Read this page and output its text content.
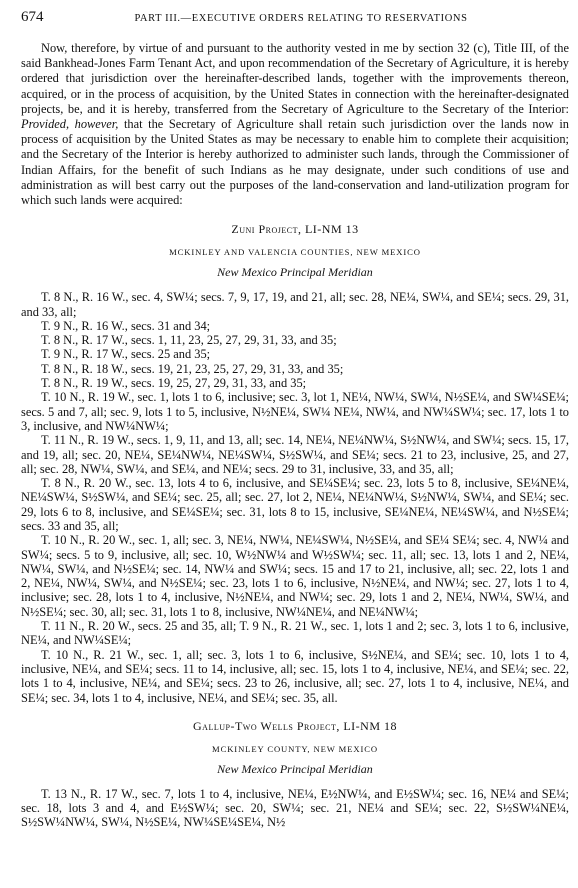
674	PART III.—EXECUTIVE ORDERS RELATING TO RESERVATIONS

Now, therefore, by virtue of and pursuant to the authority vested in me by section 32 (c), Title III, of the said Bankhead-Jones Farm Tenant Act, and upon recommendation of the Secretary of Agriculture, it is hereby ordered that jurisdiction over the hereinafter-described lands, together with the improvements thereon, acquired, or in the process of acquisition, by the United States in connection with the hereinafter-designated projects, be, and it is hereby, transferred from the Secretary of Agriculture to the Secretary of the Interior: Provided, however, that the Secretary of Agriculture shall retain such jurisdiction over the lands now in process of acquisition by the United States as may be necessary to enable him to complete their acquisition; and the Secretary of the Interior is hereby authorized to administer such lands, through the Commissioner of Indian Affairs, for the benefit of such Indians as he may designate, under such conditions of use and administration as will best carry out the purposes of the land-conservation and land-utilization program for which such lands were acquired:

Zuni Project, LI-NM 13

MCKINLEY AND VALENCIA COUNTIES, NEW MEXICO

New Mexico Principal Meridian

T. 8 N., R. 16 W., sec. 4, SW¼; secs. 7, 9, 17, 19, and 21, all; sec. 28, NE¼, SW¼, and SE¼; secs. 29, 31, and 33, all;

T. 9 N., R. 16 W., secs. 31 and 34;

T. 8 N., R. 17 W., secs. 1, 11, 23, 25, 27, 29, 31, 33, and 35;

T. 9 N., R. 17 W., secs. 25 and 35;

T. 8 N., R. 18 W., secs. 19, 21, 23, 25, 27, 29, 31, 33, and 35;

T. 8 N., R. 19 W., secs. 19, 25, 27, 29, 31, 33, and 35;

T. 10 N., R. 19 W., sec. 1, lots 1 to 6, inclusive; sec. 3, lot 1, NE¼, NW¼, SW¼, N½SE¼, and SW¼SE¼; secs. 5 and 7, all; sec. 9, lots 1 to 5, inclusive, N½NE¼, SW¼ NE¼, NW¼, and NW¼SW¼; sec. 17, lots 1 to 3, inclusive, and NW¼NW¼;

T. 11 N., R. 19 W., secs. 1, 9, 11, and 13, all; sec. 14, NE¼, NE¼NW¼, S½NW¼, and SW¼; secs. 15, 17, and 19, all; sec. 20, NE¼, SE¼NW¼, NE¼SW¼, S½SW¼, and SE¼; secs. 21 to 23, inclusive, 25, and 27, all; sec. 28, NW¼, SW¼, and SE¼, and NE¼; secs. 29 to 31, inclusive, 33, and 35, all;

T. 8 N., R. 20 W., sec. 13, lots 4 to 6, inclusive, and SE¼SE¼; sec. 23, lots 5 to 8, inclusive, SE¼NE¼, NE¼SW¼, S½SW¼, and SE¼; sec. 25, all; sec. 27, lot 2, NE¼, NE¼NW¼, S½NW¼, SW¼, and SE¼; sec. 29, lots 6 to 8, inclusive, and SE¼SE¼; sec. 31, lots 8 to 15, inclusive, SE¼NE¼, NE¼SW¼, and N½SE¼; secs. 33 and 35, all;

T. 10 N., R. 20 W., sec. 1, all; sec. 3, NE¼, NW¼, NE¼SW¼, N½SE¼, and SE¼ SE¼; sec. 4, NW¼ and SW¼; secs. 5 to 9, inclusive, all; sec. 10, W½NW¼ and W½SW¼; sec. 11, all; sec. 13, lots 1 and 2, NE¼, NW¼, SW¼, and N½SE¼; sec. 14, NW¼ and SW¼; secs. 15 and 17 to 21, inclusive, all; sec. 22, lots 1 and 2, NE¼, NW¼, SW¼, and N½SE¼; sec. 23, lots 1 to 6, inclusive, N½NE¼, and NW¼; sec. 27, lots 1 to 4, inclusive; sec. 28, lots 1 to 4, inclusive, N½NE¼, and NW¼; sec. 29, lots 1 and 2, NE¼, NW¼, SW¼, and N½SE¼; sec. 30, all; sec. 31, lots 1 to 8, inclusive, NW¼NE¼, and NE¼NW¼;

T. 11 N., R. 20 W., secs. 25 and 35, all; T. 9 N., R. 21 W., sec. 1, lots 1 and 2; sec. 3, lots 1 to 6, inclusive, NE¼, and NW¼SE¼;

T. 10 N., R. 21 W., sec. 1, all; sec. 3, lots 1 to 6, inclusive, S½NE¼, and SE¼; sec. 10, lots 1 to 4, inclusive, NE¼, and SE¼; secs. 11 to 14, inclusive, all; sec. 15, lots 1 to 4, inclusive, NE¼, and SE¼; sec. 22, lots 1 to 4, inclusive, NE¼, and SE¼; secs. 23 to 26, inclusive, all; sec. 27, lots 1 to 4, inclusive, NE¼, and SE¼; sec. 34, lots 1 to 4, inclusive, NE¼, and SE¼; sec. 35, all.

Gallup-Two Wells Project, LI-NM 18

MCKINLEY COUNTY, NEW MEXICO

New Mexico Principal Meridian

T. 13 N., R. 17 W., sec. 7, lots 1 to 4, inclusive, NE¼, E½NW¼, and E½SW¼; sec. 16, NE¼ and SE¼; sec. 18, lots 3 and 4, and E½SW¼; sec. 20, SW¼; sec. 21, NE¼ and SE¼; sec. 22, S½SW¼NE¼, S½SW¼NW¼, SW¼, N½SE¼, NW¼SE¼SE¼, N½
